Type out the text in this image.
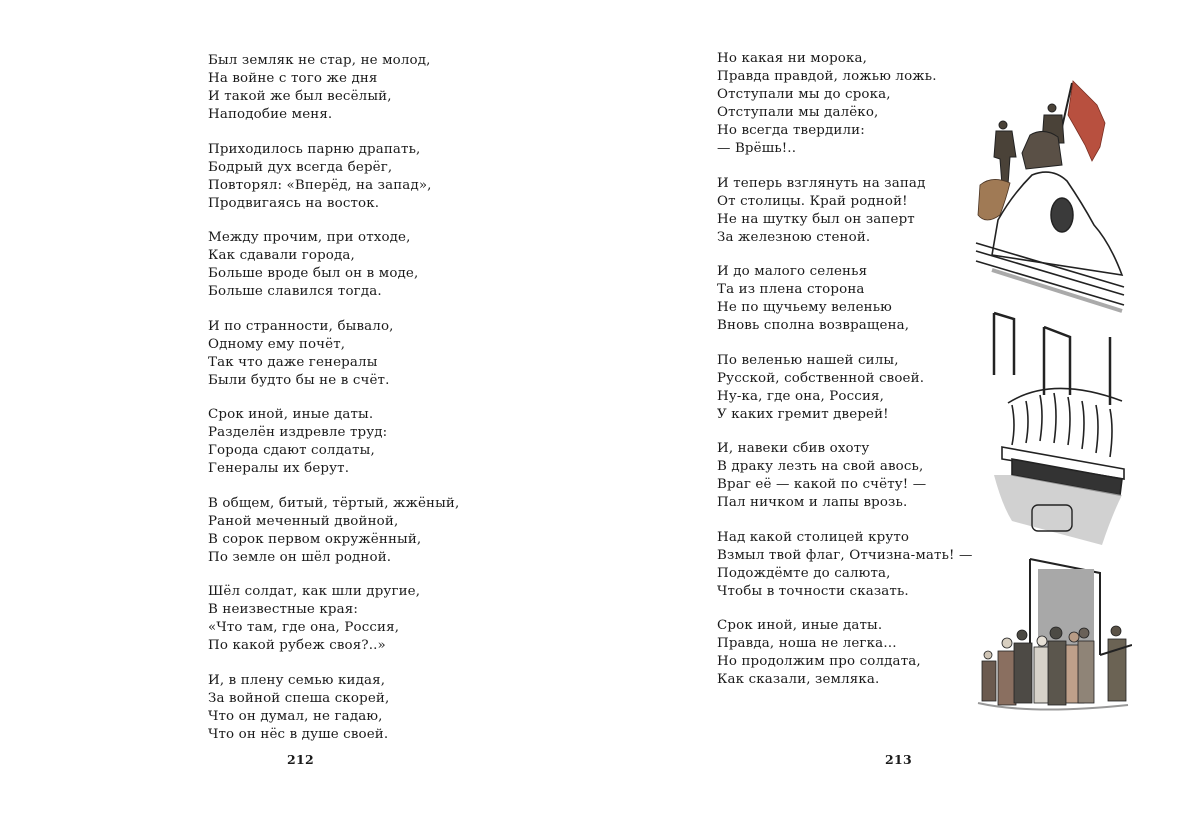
Был земляк не стар, не молод,
На войне с того же дня
И такой же был весёлый,
Наподобие меня.
Приходилось парню драпать,
Бодрый дух всегда берёг,
Повторял: «Вперёд, на запад»,
Продвигаясь на восток.
Между прочим, при отходе,
Как сдавали города,
Больше вроде был он в моде,
Больше славился тогда.
И по странности, бывало,
Одному ему почёт,
Так что даже генералы
Были будто бы не в счёт.
Срок иной, иные даты.
Разделён издревле труд:
Города сдают солдаты,
Генералы их берут.
В общем, битый, тёртый, жжёный,
Раной меченный двойной,
В сорок первом окружённый,
По земле он шёл родной.
Шёл солдат, как шли другие,
В неизвестные края:
«Что там, где она, Россия,
По какой рубеж своя?..»
И, в плену семью кидая,
За войной спеша скорей,
Что он думал, не гадаю,
Что он нёс в душе своей.
212
Но какая ни морока,
Правда правдой, ложью ложь.
Отступали мы до срока,
Отступали мы далёко,
Но всегда твердили:
— Врёшь!..
И теперь взглянуть на запад
От столицы. Край родной!
Не на шутку был он заперт
За железною стеной.
И до малого селенья
Та из плена сторона
Не по щучьему веленью
Вновь сполна возвращена,
По веленью нашей силы,
Русской, собственной своей.
Ну-ка, где она, Россия,
У каких гремит дверей!
И, навеки сбив охоту
В драку лезть на свой авось,
Враг её — какой по счёту! —
Пал ничком и лапы врозь.
Над какой столицей круто
Взмыл твой флаг, Отчизна-мать! —
Подождёмте до салюта,
Чтобы в точности сказать.
Срок иной, иные даты.
Правда, ноша не легка…
Но продолжим про солдата,
Как сказали, земляка.
213
